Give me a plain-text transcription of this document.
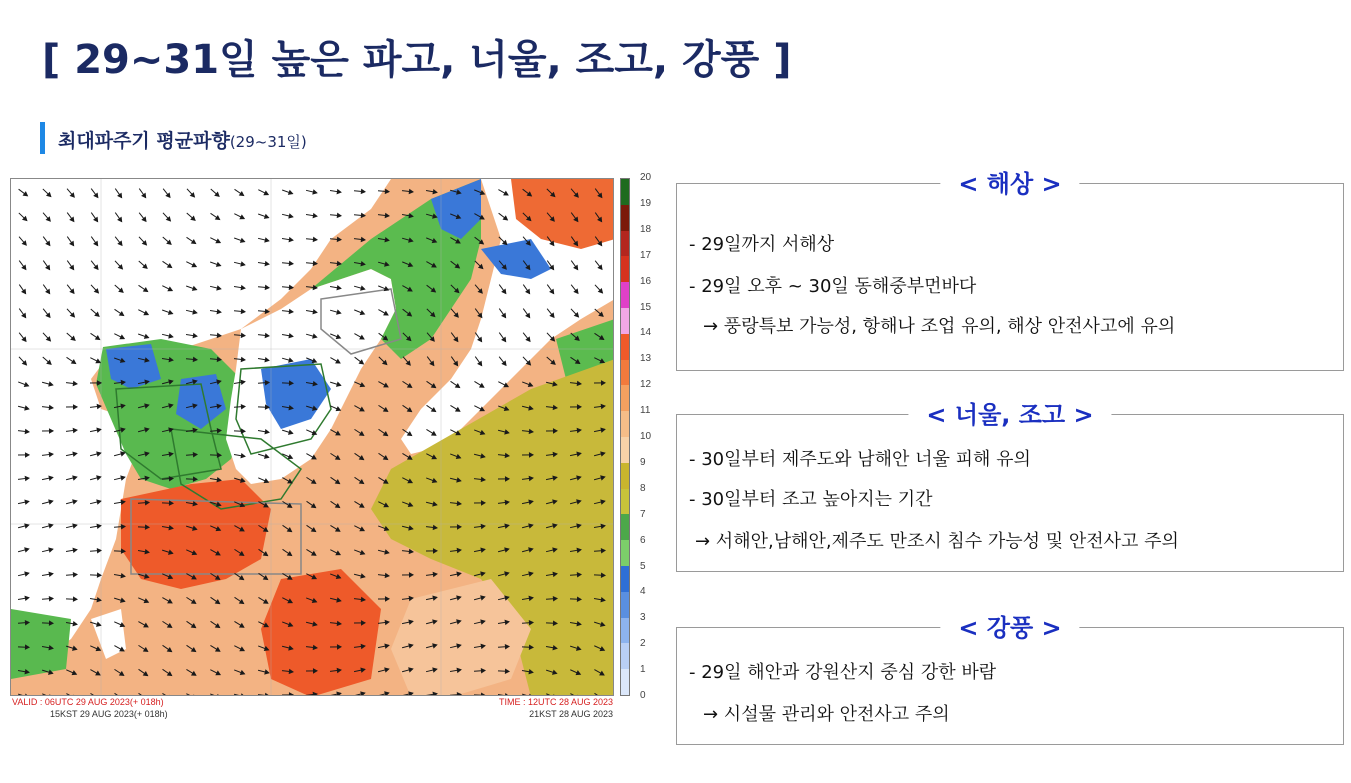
[ 29~31일 높은 파고, 너울, 조고, 강풍 ]
최대파주기 평균파향(29~31일)
20
19
18
17
16
15
14
13
12
11
10
9
8
7
6
5
4
3
2
1
0
VALID : 06UTC 29 AUG 2023(+ 018h)
15KST 29 AUG 2023(+ 018h)
TIME : 12UTC 28 AUG 2023
21KST 28 AUG 2023
< 해상 >
- 29일까지 서해상
- 29일 오후 ~ 30일 동해중부먼바다
→ 풍랑특보 가능성, 항해나 조업 유의, 해상 안전사고에 유의
< 너울, 조고 >
- 30일부터 제주도와 남해안 너울 피해 유의
- 30일부터 조고 높아지는 기간
→ 서해안,남해안,제주도 만조시 침수 가능성 및 안전사고 주의
< 강풍 >
- 29일 해안과 강원산지 중심 강한 바람
→ 시설물 관리와 안전사고 주의
